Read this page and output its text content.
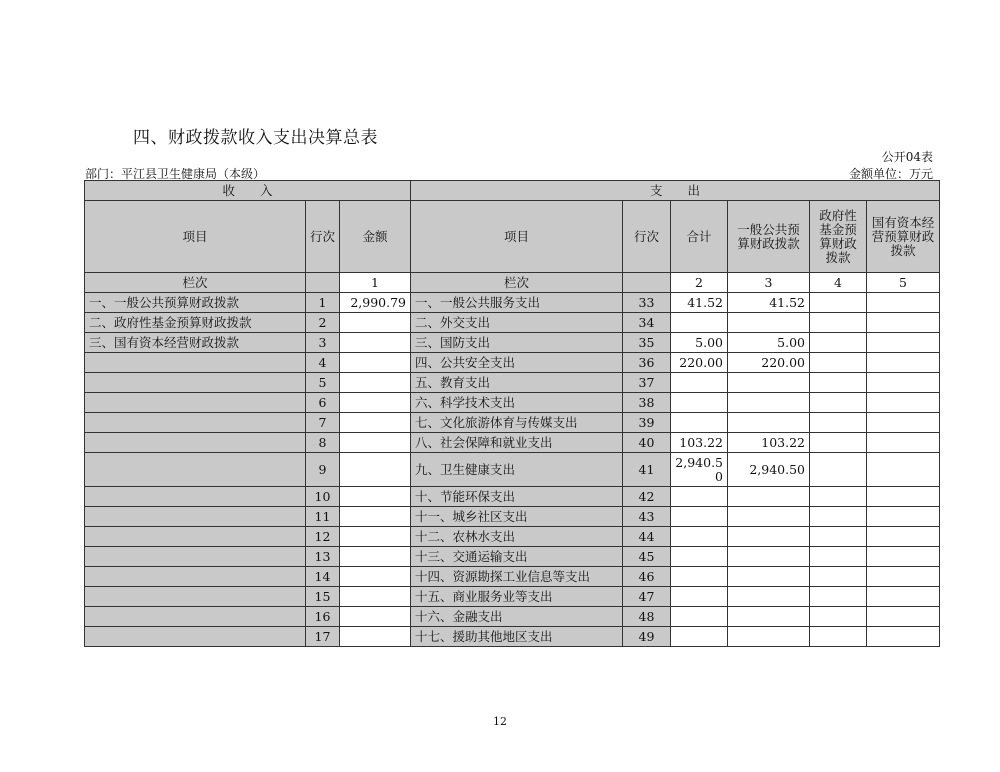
四、财政拨款收入支出决算总表
公开04表
部门：平江县卫生健康局（本级）	金额单位：万元
收　　入			支　　出					
项目	行次	金额	项目	行次	合计	一般公共预算财政拨款	政府性基金预算财政拨款	国有资本经营预算财政拨款
栏次		1	栏次		2	3	4	5
一、一般公共预算财政拨款	1	2,990.79	一、一般公共服务支出	33	41.52	41.52		
二、政府性基金预算财政拨款	2		二、外交支出	34				
三、国有资本经营财政拨款	3		三、国防支出	35	5.00	5.00		
	4		四、公共安全支出	36	220.00	220.00		
	5		五、教育支出	37				
	6		六、科学技术支出	38				
	7		七、文化旅游体育与传媒支出	39				
	8		八、社会保障和就业支出	40	103.22	103.22		
	9		九、卫生健康支出	41	2,940.50	2,940.50		
	10		十、节能环保支出	42				
	11		十一、城乡社区支出	43				
	12		十二、农林水支出	44				
	13		十三、交通运输支出	45				
	14		十四、资源勘探工业信息等支出	46				
	15		十五、商业服务业等支出	47				
	16		十六、金融支出	48				
	17		十七、援助其他地区支出	49				
12
